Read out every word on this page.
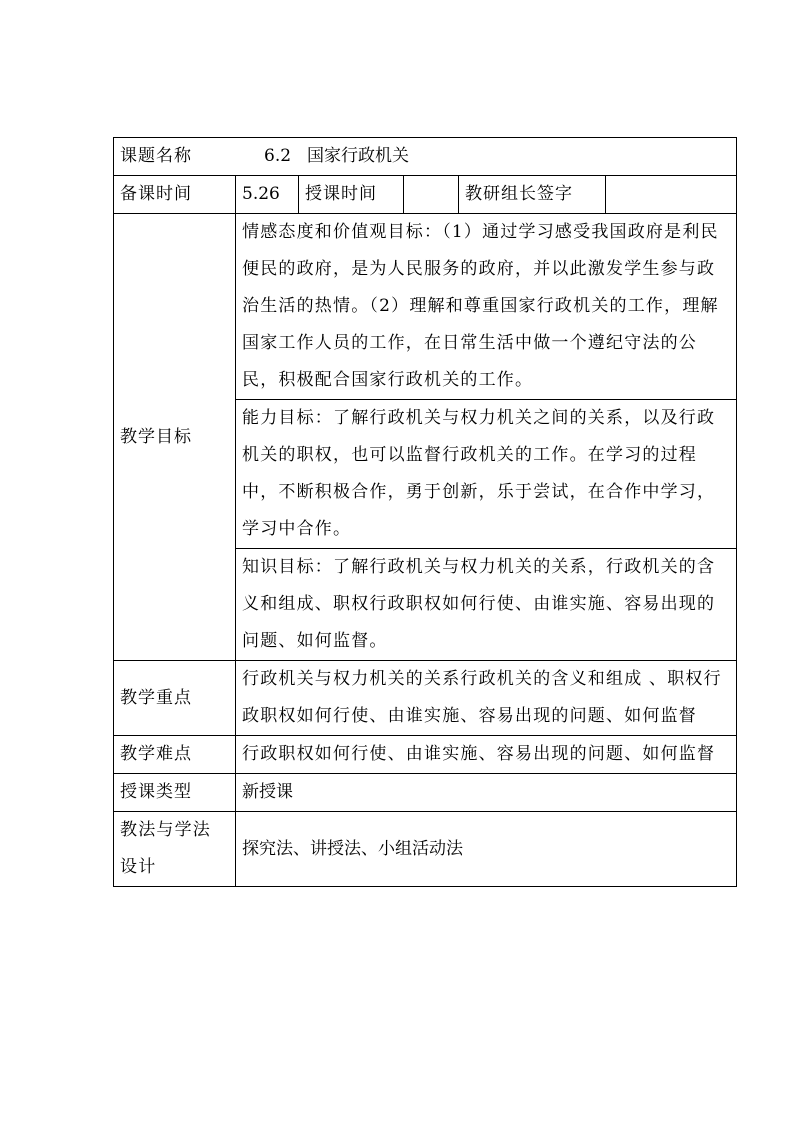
课题名称 6.2 国家行政机关					
备课时间	5.26	授课时间		教研组长签字	
教学目标	情感态度和价值观目标：（1）通过学习感受我国政府是利民 便民的政府，是为人民服务的政府，并以此激发学生参与政治生活的热情。（2）理解和尊重国家行政机关的工作，理解国家工作人员的工作，在日常生活中做一个遵纪守法的公民，积极配合国家行政机关的工作。				
	能力目标：了解行政机关与权力机关之间的关系，以及行政机关的职权，也可以监督行政机关的工作。在学习的过程中，不断积极合作，勇于创新，乐于尝试，在合作中学习，学习中合作。				
	知识目标：了解行政机关与权力机关的关系，行政机关的含义和组成、职权行政职权如何行使、由谁实施、容易出现的问题、如何监督。				
教学重点	行政机关与权力机关的关系行政机关的含义和组成 、职权行政职权如何行使、由谁实施、容易出现的问题、如何监督				
教学难点	行政职权如何行使、由谁实施、容易出现的问题、如何监督				
授课类型	新授课				
教法与学法设计	探究法、讲授法、小组活动法				
